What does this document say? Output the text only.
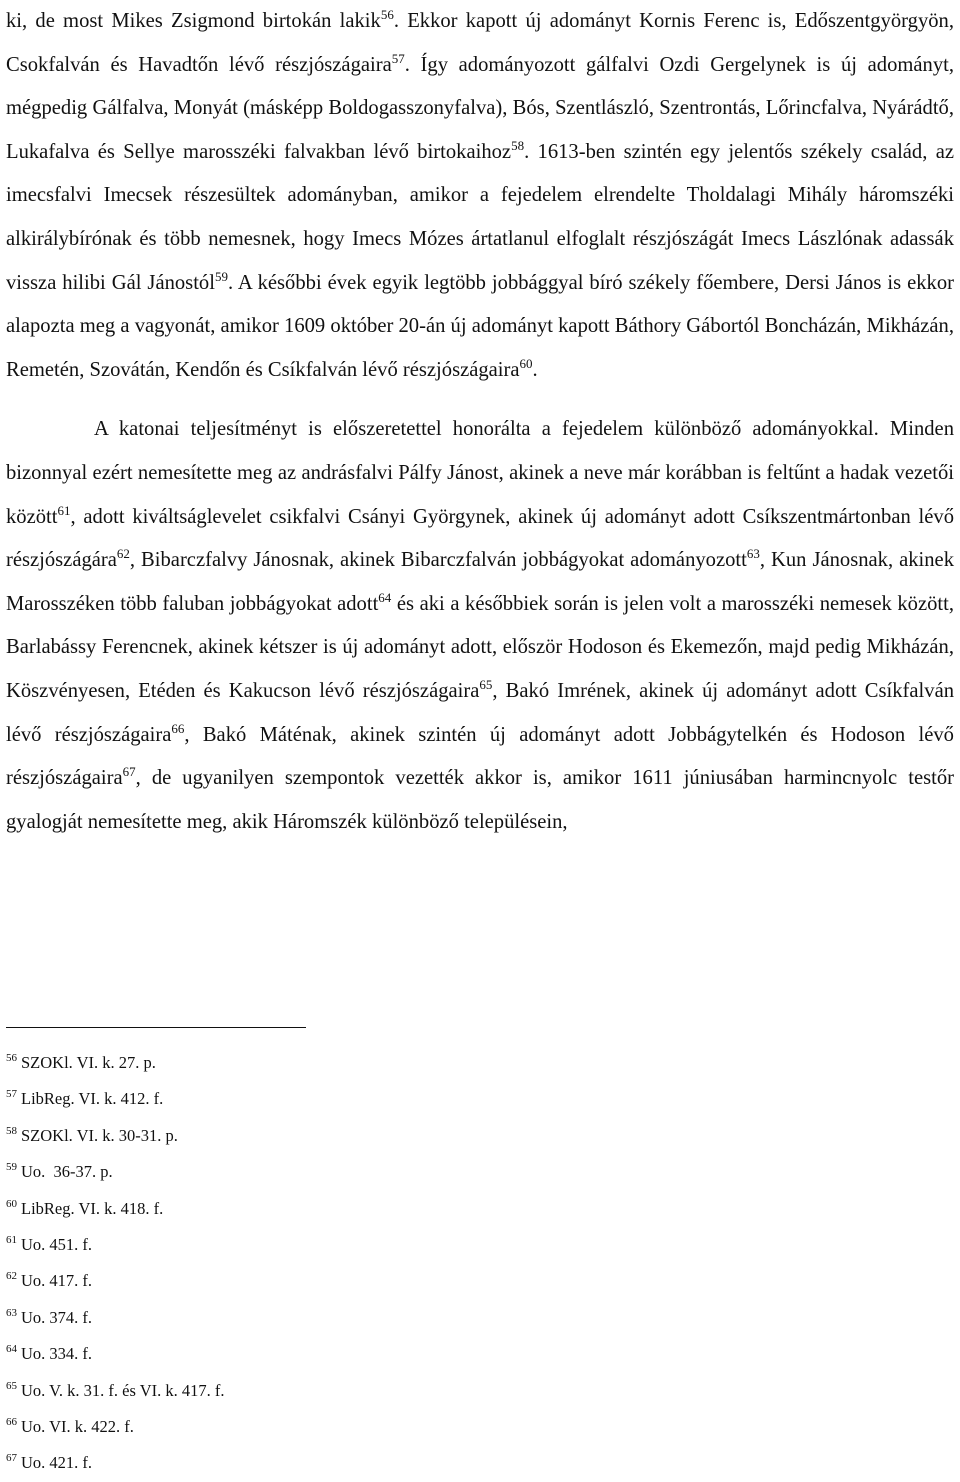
ki, de most Mikes Zsigmond birtokán lakik$^{56}$. Ekkor kapott új adományt Kornis Ferenc is, Edőszentgyörgyön, Csokfalván és Havadtőn lévő részjószágaira$^{57}$. Így adományozott gálfalvi Ozdi Gergelynek is új adományt, mégpedig Gálfalva, Monyát (másképp Boldogasszonyfalva), Bós, Szentlászló, Szentrontás, Lőrincfalva, Nyárádtő, Lukafalva és Sellye marosszéki falvakban lévő birtokaihoz$^{58}$. 1613-ben szintén egy jelentős székely család, az imecsfalvi Imecsek részesültek adományban, amikor a fejedelem elrendelte Tholdalagi Mihály háromszéki alkirálybírónak és több nemesnek, hogy Imecs Mózes ártatlanul elfoglalt részjószágát Imecs Lászlónak adassák vissza hilibi Gál Jánostól$^{59}$. A későbbi évek egyik legtöbb jobbággyal bíró székely főembere, Dersi János is ekkor alapozta meg a vagyonát, amikor 1609 október 20-án új adományt kapott Báthory Gábortól Boncházán, Mikházán, Remetén, Szovátán, Kendőn és Csíkfalván lévő részjószágaira$^{60}$.

A katonai teljesítményt is előszeretettel honorálta a fejedelem különböző adományokkal. Minden bizonnyal ezért nemesítette meg az andrásfalvi Pálfy Jánost, akinek a neve már korábban is feltűnt a hadak vezetői között$^{61}$, adott kiváltságlevelet csikfalvi Csányi Györgynek, akinek új adományt adott Csíkszentmártonban lévő részjószágára$^{62}$, Bibarczfalvy Jánosnak, akinek Bibarczfalván jobbágyokat adományozott$^{63}$, Kun Jánosnak, akinek Marosszéken több faluban jobbágyokat adott$^{64}$ és aki a későbbiek során is jelen volt a marosszéki nemesek között, Barlabássy Ferencnek, akinek kétszer is új adományt adott, először Hodoson és Ekemezőn, majd pedig Mikházán, Köszvényesen, Etéden és Kakucson lévő részjószágaira$^{65}$, Bakó Imrének, akinek új adományt adott Csíkfalván lévő részjószágaira$^{66}$, Bakó Máténak, akinek szintén új adományt adott Jobbágytelkén és Hodoson lévő részjószágaira$^{67}$, de ugyanilyen szempontok vezették akkor is, amikor 1611 júniusában harmincnyolc testőr gyalogját nemesítette meg, akik Háromszék különböző településein,

$^{56}$ SZOKl. VI. k. 27. p.
$^{57}$ LibReg. VI. k. 412. f.
$^{58}$ SZOKl. VI. k. 30-31. p.
$^{59}$ Uo.  36-37. p.
$^{60}$ LibReg. VI. k. 418. f.
$^{61}$ Uo. 451. f.
$^{62}$ Uo. 417. f.
$^{63}$ Uo. 374. f.
$^{64}$ Uo. 334. f.
$^{65}$ Uo. V. k. 31. f. és VI. k. 417. f.
$^{66}$ Uo. VI. k. 422. f.
$^{67}$ Uo. 421. f.
